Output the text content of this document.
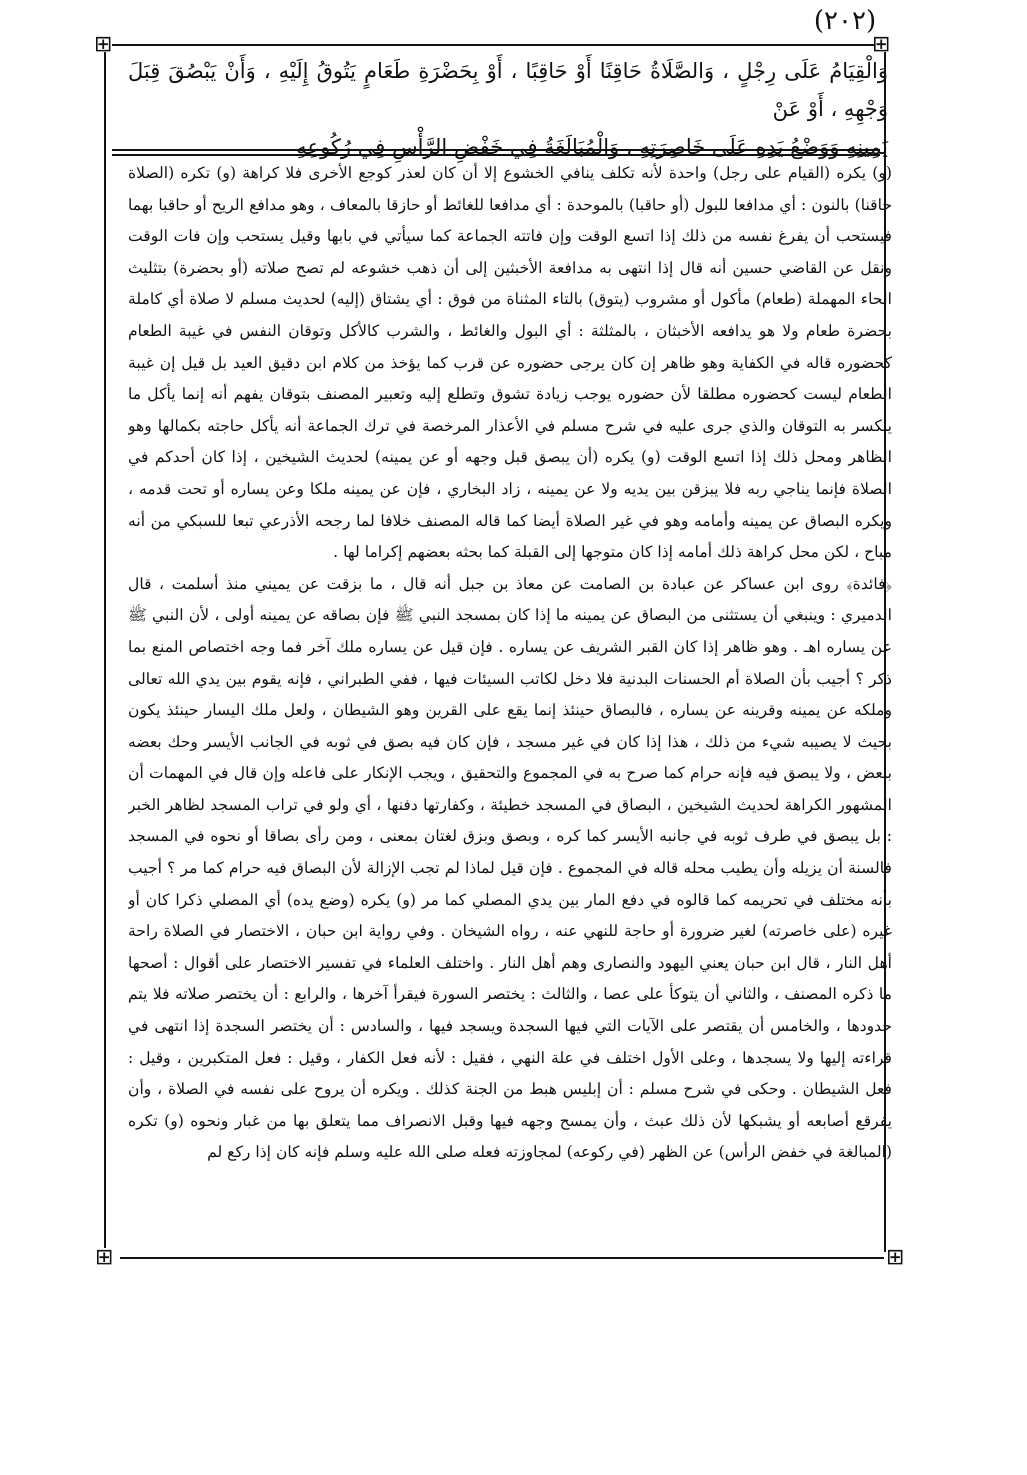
(٢٠٢)
⊞
⊞
⊞
⊞

وَالْقِيَامُ عَلَى رِجْلٍ ، وَالصَّلَاةُ حَاقِنًا أَوْ حَاقِبًا ، أَوْ بِحَضْرَةِ طَعَامٍ يَتُوقُ إِلَيْهِ ، وَأَنْ يَبْصُقَ قِبَلَ وَجْهِهِ ، أَوْ عَنْ

يَمِينِهِ وَوَضْعُ يَدِهِ عَلَى خَاصِرَتِهِ ، وَالْمُبَالَغَةُ فِي خَفْضِ الرَّأْسِ فِي رُكُوعِهِ

(و) يكره (القيام على رجل) واحدة لأنه تكلف ينافي الخشوع إلا أن كان لعذر كوجع الأخرى فلا كراهة (و) تكره (الصلاة حاقنا) بالنون : أي مدافعا للبول (أو حاقبا) بالموحدة : أي مدافعا للغائط أو حازقا بالمعاف ، وهو مدافع الريح أو حاقبا بهما فيستحب أن يفرغ نفسه من ذلك إذا اتسع الوقت وإن فاتته الجماعة كما سيأتي في بابها وقيل يستحب وإن فات الوقت ونقل عن القاضي حسين أنه قال إذا انتهى به مدافعة الأخبثين إلى أن ذهب خشوعه لم تصح صلاته (أو بحضرة) بتثليث الحاء المهملة (طعام) مأكول أو مشروب (يتوق) بالتاء المثناة من فوق : أي يشتاق (إليه) لحديث مسلم لا صلاة أي كاملة بحضرة طعام ولا هو يدافعه الأخبثان ، بالمثلثة : أي البول والغائط ، والشرب كالأكل وتوقان النفس في غيبة الطعام كحضوره قاله في الكفاية وهو ظاهر إن كان يرجى حضوره عن قرب كما يؤخذ من كلام ابن دقيق العيد بل قيل إن غيبة الطعام ليست كحضوره مطلقا لأن حضوره يوجب زيادة تشوق وتطلع إليه وتعبير المصنف بتوقان يفهم أنه إنما يأكل ما ينكسر به التوقان والذي جرى عليه في شرح مسلم في الأعذار المرخصة في ترك الجماعة أنه يأكل حاجته بكمالها وهو الظاهر ومحل ذلك إذا اتسع الوقت (و) يكره (أن يبصق قبل وجهه أو عن يمينه) لحديث الشيخين ، إذا كان أحدكم في الصلاة فإنما يناجي ربه فلا يبزقن بين يديه ولا عن يمينه ، زاد البخاري ، فإن عن يمينه ملكا وعن يساره أو تحت قدمه ، ويكره البصاق عن يمينه وأمامه وهو في غير الصلاة أيضا كما قاله المصنف خلافا لما رجحه الأذرعي تبعا للسبكي من أنه مباح ، لكن محل كراهة ذلك أمامه إذا كان متوجها إلى القبلة كما بحثه بعضهم إكراما لها .

﴿فائدة﴾ روى ابن عساكر عن عبادة بن الصامت عن معاذ بن جبل أنه قال ، ما بزقت عن يميني منذ أسلمت ، قال الدميري : وينبغي أن يستثنى من البصاق عن يمينه ما إذا كان بمسجد النبي ﷺ فإن بصاقه عن يمينه أولى ، لأن النبي ﷺ عن يساره اهـ . وهو ظاهر إذا كان القبر الشريف عن يساره . فإن قيل عن يساره ملك آخر فما وجه اختصاص المنع بما ذكر ؟ أجيب بأن الصلاة أم الحسنات البدنية فلا دخل لكاتب السيئات فيها ، ففي الطبراني ، فإنه يقوم بين يدي الله تعالى وملكه عن يمينه وقرينه عن يساره ، فالبصاق حينئذ إنما يقع على القرين وهو الشيطان ، ولعل ملك اليسار حينئذ يكون بحيث لا يصيبه شيء من ذلك ، هذا إذا كان في غير مسجد ، فإن كان فيه بصق في ثوبه في الجانب الأيسر وحك بعضه ببعض ، ولا يبصق فيه فإنه حرام كما صرح به في المجموع والتحقيق ، ويجب الإنكار على فاعله وإن قال في المهمات أن المشهور الكراهة لحديث الشيخين ، البصاق في المسجد خطيئة ، وكفارتها دفنها ، أي ولو في تراب المسجد لظاهر الخبر : بل يبصق في طرف ثوبه في جانبه الأيسر كما كره ، وبصق وبزق لغتان بمعنى ، ومن رأى بصاقا أو نحوه في المسجد فالسنة أن يزيله وأن يطيب محله قاله في المجموع . فإن قيل لماذا لم تجب الإزالة لأن البصاق فيه حرام كما مر ؟ أجيب بأنه مختلف في تحريمه كما قالوه في دفع المار بين يدي المصلي كما مر (و) يكره (وضع يده) أي المصلي ذكرا كان أو غيره (على خاصرته) لغير ضرورة أو حاجة للنهي عنه ، رواه الشيخان . وفي رواية ابن حبان ، الاختصار في الصلاة راحة أهل النار ، قال ابن حبان يعني اليهود والنصارى وهم أهل النار . واختلف العلماء في تفسير الاختصار على أقوال : أصحها ما ذكره المصنف ، والثاني أن يتوكأ على عصا ، والثالث : يختصر السورة فيقرأ آخرها ، والرابع : أن يختصر صلاته فلا يتم حدودها ، والخامس أن يقتصر على الآيات التي فيها السجدة ويسجد فيها ، والسادس : أن يختصر السجدة إذا انتهى في قراءته إليها ولا يسجدها ، وعلى الأول اختلف في علة النهي ، فقيل : لأنه فعل الكفار ، وقيل : فعل المتكبرين ، وقيل : فعل الشيطان . وحكى في شرح مسلم : أن إبليس هبط من الجنة كذلك . ويكره أن يروح على نفسه في الصلاة ، وأن يفرقع أصابعه أو يشبكها لأن ذلك عبث ، وأن يمسح وجهه فيها وقبل الانصراف مما يتعلق بها من غبار ونحوه (و) تكره (المبالغة في خفض الرأس) عن الظهر (في ركوعه) لمجاوزته فعله صلى الله عليه وسلم فإنه كان إذا ركع لم
